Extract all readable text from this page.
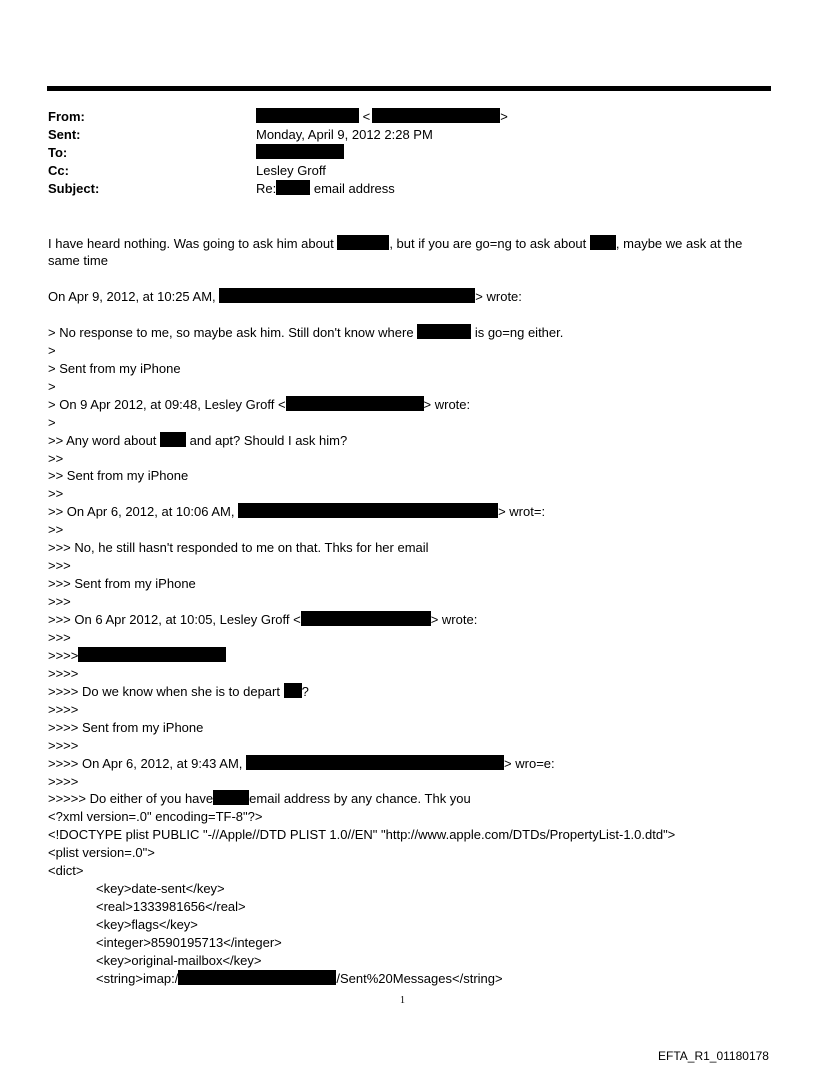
From:	<	>
Sent:	Monday, April 9, 2012 2:28 PM
To:
Cc:	Lesley Groff
Subject:	Re:	email address
I have heard nothing. Was going to ask him about	, but if you are go=ng to ask about , maybe we ask at the
same time
On Apr 9, 2012, at 10:25 AM,	> wrote:
> No response to me, so maybe ask him. Still don't know where	is go=ng either.
>
> Sent from my iPhone
>
> On 9 Apr 2012, at 09:48, Lesley Groff <	> wrote:
>
>> Any word about	and apt? Should I ask him?
>>
>> Sent from my iPhone
>>
>> On Apr 6, 2012, at 10:06 AM,	> wrot=:
>>
>>> No, he still hasn't responded to me on that. Thks for her email
>>>
>>> Sent from my iPhone
>>>
>>> On 6 Apr 2012, at 10:05, Lesley Groff <	> wrote:
>>>
>>>>
>>>>
>>>> Do we know when she is to depart ?
>>>>
>>>> Sent from my iPhone
>>>>
>>>> On Apr 6, 2012, at 9:43 AM,	> wro=e:
>>>>
>>>>> Do either of you have	email address by any chance. Thk you
<?xml version=.0" encoding=TF-8"?>
<!DOCTYPE plist PUBLIC "-//Apple//DTD PLIST 1.0//EN" "http://www.apple.com/DTDs/PropertyList-1.0.dtd">
<plist version=.0">
<dict>
<key>date-sent</key>
<real>1333981656</real>
<key>flags</key>
<integer>8590195713</integer>
<key>original-mailbox</key>
<string>imap:/	/Sent%20Messages</string>
1
EFTA_R1_01180178
